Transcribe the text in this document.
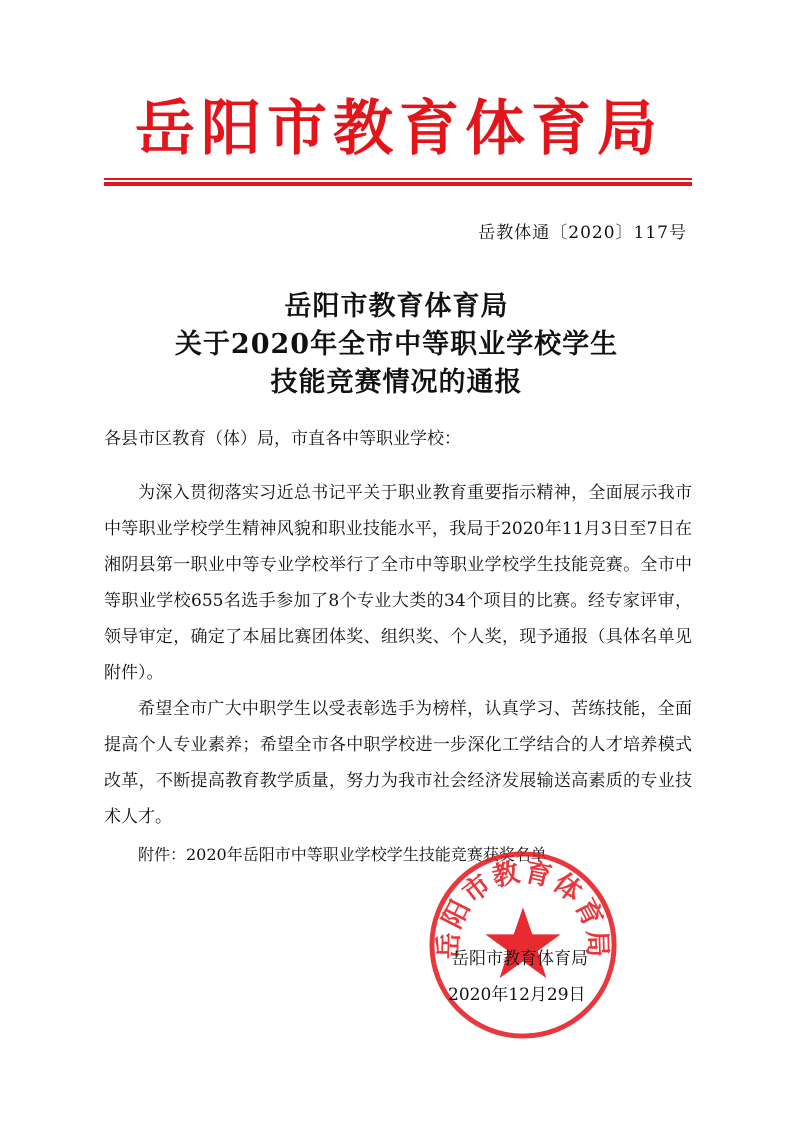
岳阳市教育体育局
岳教体通〔2020〕117号
岳阳市教育体育局
关于2020年全市中等职业学校学生
技能竞赛情况的通报
各县市区教育（体）局，市直各中等职业学校：

为深入贯彻落实习近总书记平关于职业教育重要指示精神，全面展示我市中等职业学校学生精神风貌和职业技能水平，我局于2020年11月3日至7日在湘阴县第一职业中等专业学校举行了全市中等职业学校学生技能竞赛。全市中等职业学校655名选手参加了8个专业大类的34个项目的比赛。经专家评审，领导审定，确定了本届比赛团体奖、组织奖、个人奖，现予通报（具体名单见附件）。

希望全市广大中职学生以受表彰选手为榜样，认真学习、苦练技能，全面提高个人专业素养；希望全市各中职学校进一步深化工学结合的人才培养模式改革，不断提高教育教学质量，努力为我市社会经济发展输送高素质的专业技术人才。

附件：2020年岳阳市中等职业学校学生技能竞赛获奖名单
岳阳市教育体育局
岳阳市教育体育局
2020年12月29日
